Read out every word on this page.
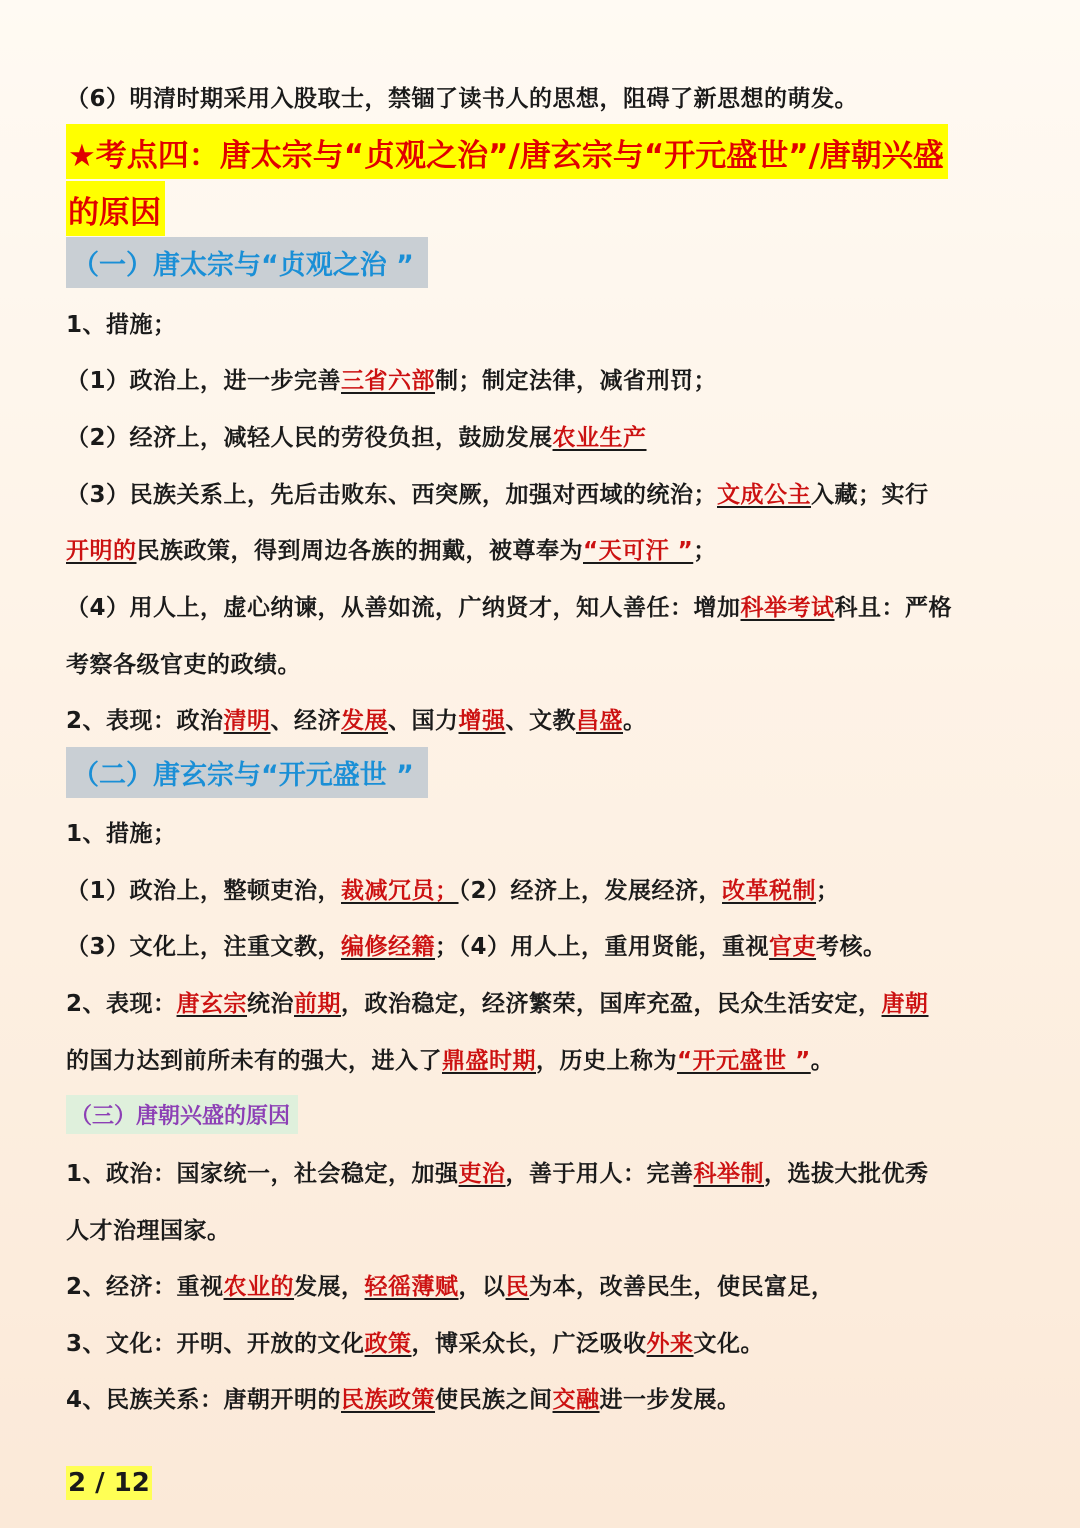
（6）明清时期采用入股取士，禁锢了读书人的思想，阻碍了新思想的萌发。
★考点四：唐太宗与“贞观之治”/唐玄宗与“开元盛世”/唐朝兴盛
的原因
（一）唐太宗与“贞观之治 ”
1、措施；
（1）政治上，进一步完善三省六部制；制定法律，减省刑罚；
（2）经济上，减轻人民的劳役负担，鼓励发展农业生产
（3）民族关系上，先后击败东、西突厥，加强对西域的统治；文成公主入藏；实行
开明的民族政策，得到周边各族的拥戴，被尊奉为“天可汗 ”；
（4）用人上，虚心纳谏，从善如流，广纳贤才，知人善任：增加科举考试科且：严格
考察各级官吏的政绩。
2、表现：政治清明、经济发展、国力增强、文教昌盛。
（二）唐玄宗与“开元盛世 ”
1、措施；
（1）政治上，整顿吏治，裁减冗员；（2）经济上，发展经济，改革税制；
（3）文化上，注重文教，编修经籍；（4）用人上，重用贤能，重视官吏考核。
2、表现：唐玄宗统治前期，政治稳定，经济繁荣，国库充盈，民众生活安定，唐朝
的国力达到前所未有的强大，进入了鼎盛时期，历史上称为“开元盛世 ”。
（三）唐朝兴盛的原因
1、政治：国家统一，社会稳定，加强吏治，善于用人：完善科举制，选拔大批优秀
人才治理国家。
2、经济：重视农业的发展，轻徭薄赋，以民为本，改善民生，使民富足，
3、文化：开明、开放的文化政策，博采众长，广泛吸收外来文化。
4、民族关系：唐朝开明的民族政策使民族之间交融进一步发展。
2 / 12
